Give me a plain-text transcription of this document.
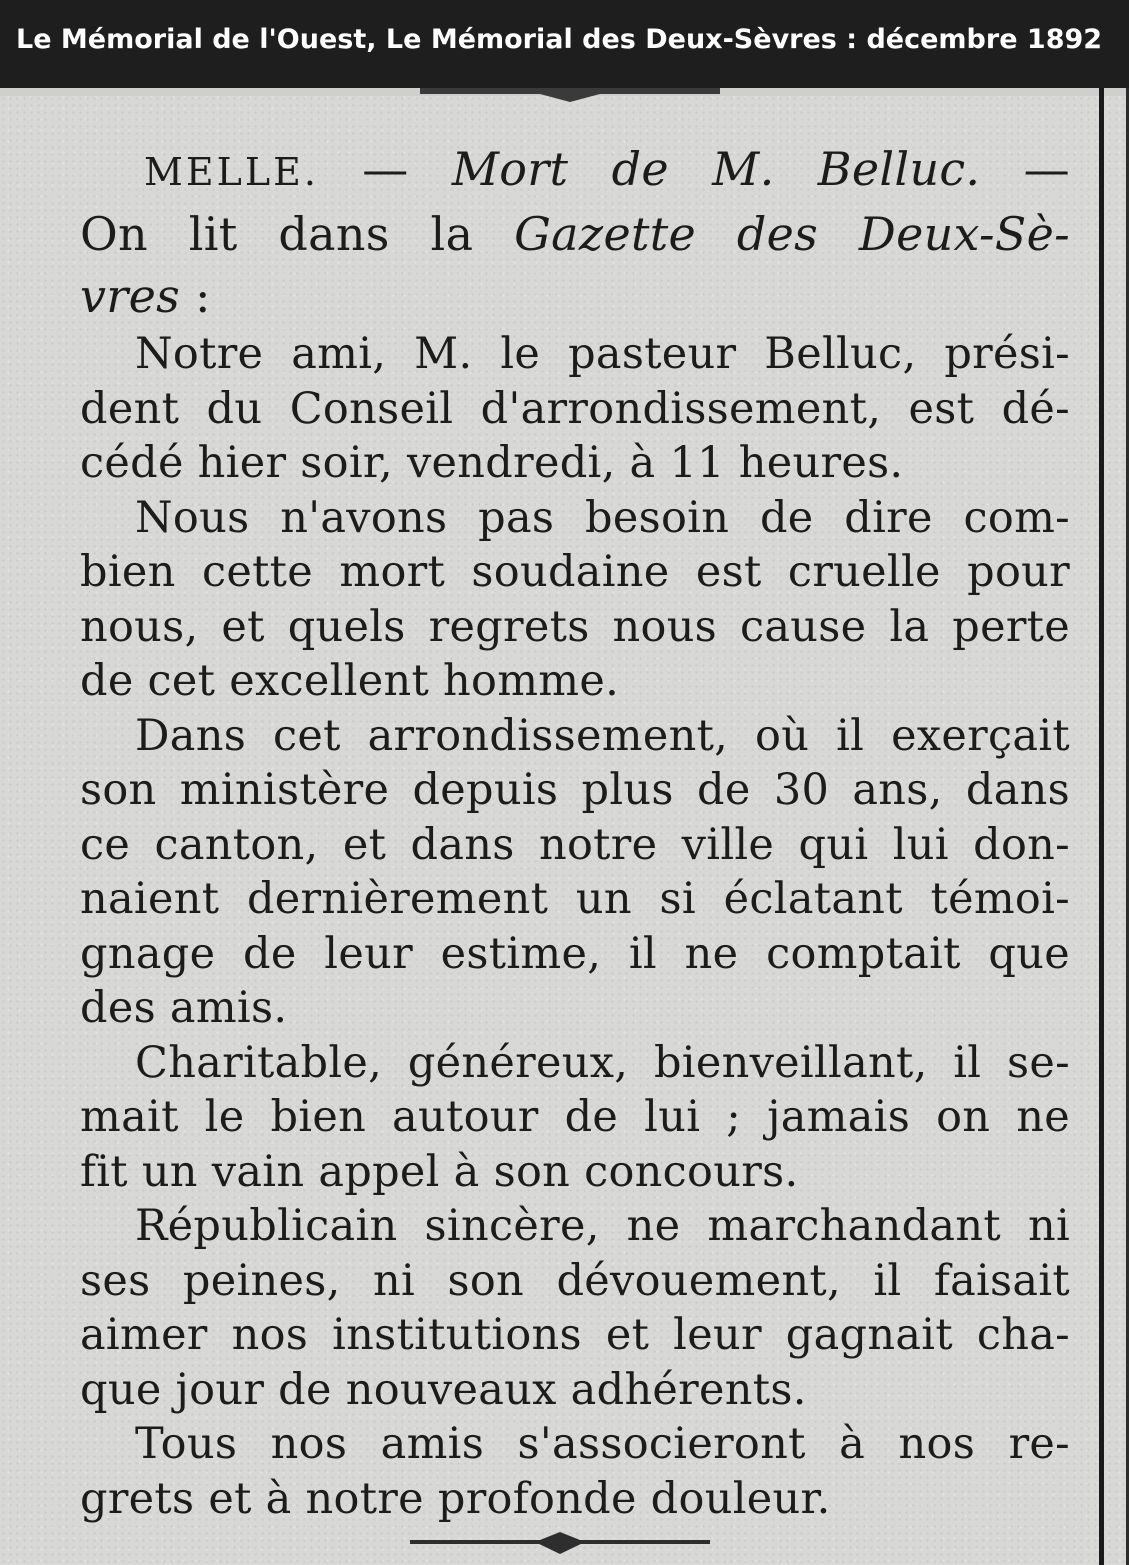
Le Mémorial de l'Ouest, Le Mémorial des Deux-Sèvres : décembre 1892
MELLE. — Mort de M. Belluc. —
On lit dans la Gazette des Deux-Sè-
vres :

Notre ami, M. le pasteur Belluc, prési-
dent du Conseil d'arrondissement, est dé-
cédé hier soir, vendredi, à 11 heures.

Nous n'avons pas besoin de dire com-
bien cette mort soudaine est cruelle pour
nous, et quels regrets nous cause la perte
de cet excellent homme.

Dans cet arrondissement, où il exerçait
son ministère depuis plus de 30 ans, dans
ce canton, et dans notre ville qui lui don-
naient dernièrement un si éclatant témoi-
gnage de leur estime, il ne comptait que
des amis.

Charitable, généreux, bienveillant, il se-
mait le bien autour de lui ; jamais on ne
fit un vain appel à son concours.

Républicain sincère, ne marchandant ni
ses peines, ni son dévouement, il faisait
aimer nos institutions et leur gagnait cha-
que jour de nouveaux adhérents.

Tous nos amis s'associeront à nos re-
grets et à notre profonde douleur.
